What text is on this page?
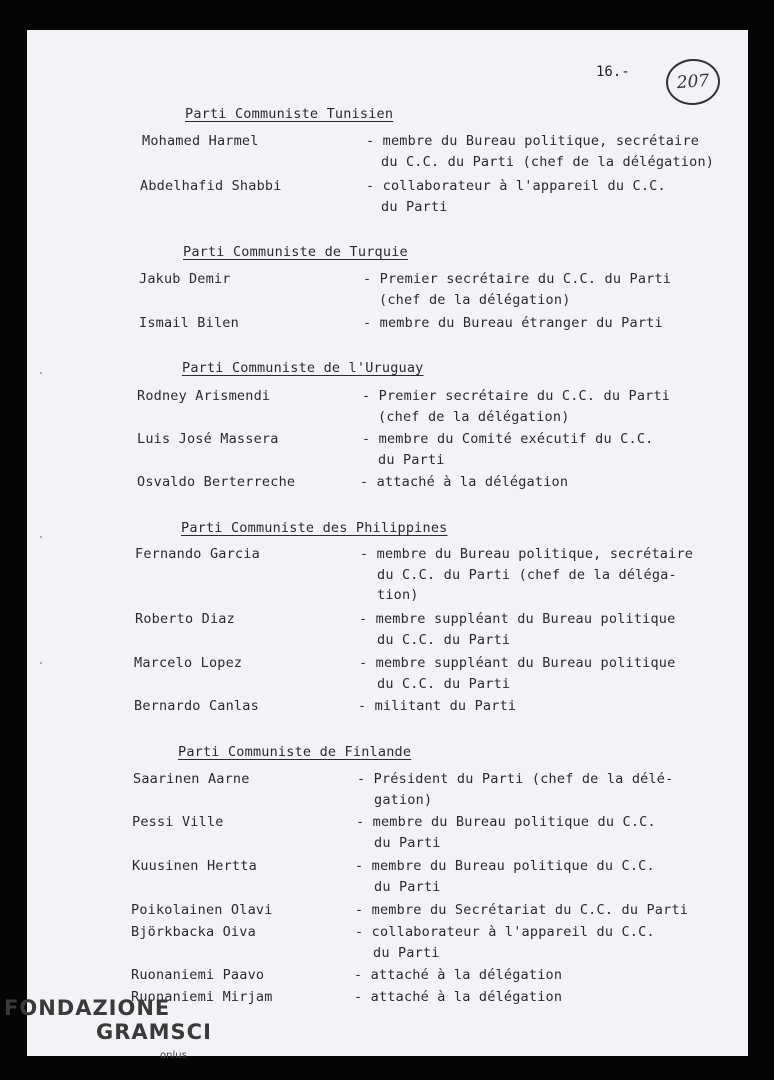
16.-	207
Parti Communiste Tunisien
Mohamed Harmel	- membre du Bureau politique, secrétaire
du C.C. du Parti (chef de la délégation)
Abdelhafid Shabbi	- collaborateur à l'appareil du C.C.
du Parti
Parti Communiste de Turquie
Jakub Demir	- Premier secrétaire du C.C. du Parti
(chef de la délégation)
Ismail Bilen	- membre du Bureau étranger du Parti
Parti Communiste de l'Uruguay
Rodney Arismendi	- Premier secrétaire du C.C. du Parti
(chef de la délégation)
Luis José Massera	- membre du Comité exécutif du C.C.
du Parti
Osvaldo Berterreche	- attaché à la délégation
Parti Communiste des Philippines
Fernando Garcia	- membre du Bureau politique, secrétaire
du C.C. du Parti (chef de la déléga-
tion)
Roberto Diaz	- membre suppléant du Bureau politique
du C.C. du Parti
Marcelo Lopez	- membre suppléant du Bureau politique
du C.C. du Parti
Bernardo Canlas	- militant du Parti
Parti Communiste de Finlande
Saarinen Aarne	- Président du Parti (chef de la délé-
gation)
Pessi Ville	- membre du Bureau politique du C.C.
du Parti
Kuusinen Hertta	- membre du Bureau politique du C.C.
du Parti
Poikolainen Olavi	- membre du Secrétariat du C.C. du Parti
Björkbacka Oiva	- collaborateur à l'appareil du C.C.
du Parti
Ruonaniemi Paavo	- attaché à la délégation
Ruonaniemi Mirjam	- attaché à la délégation
FONDAZIONE
GRAMSCI
onlus
